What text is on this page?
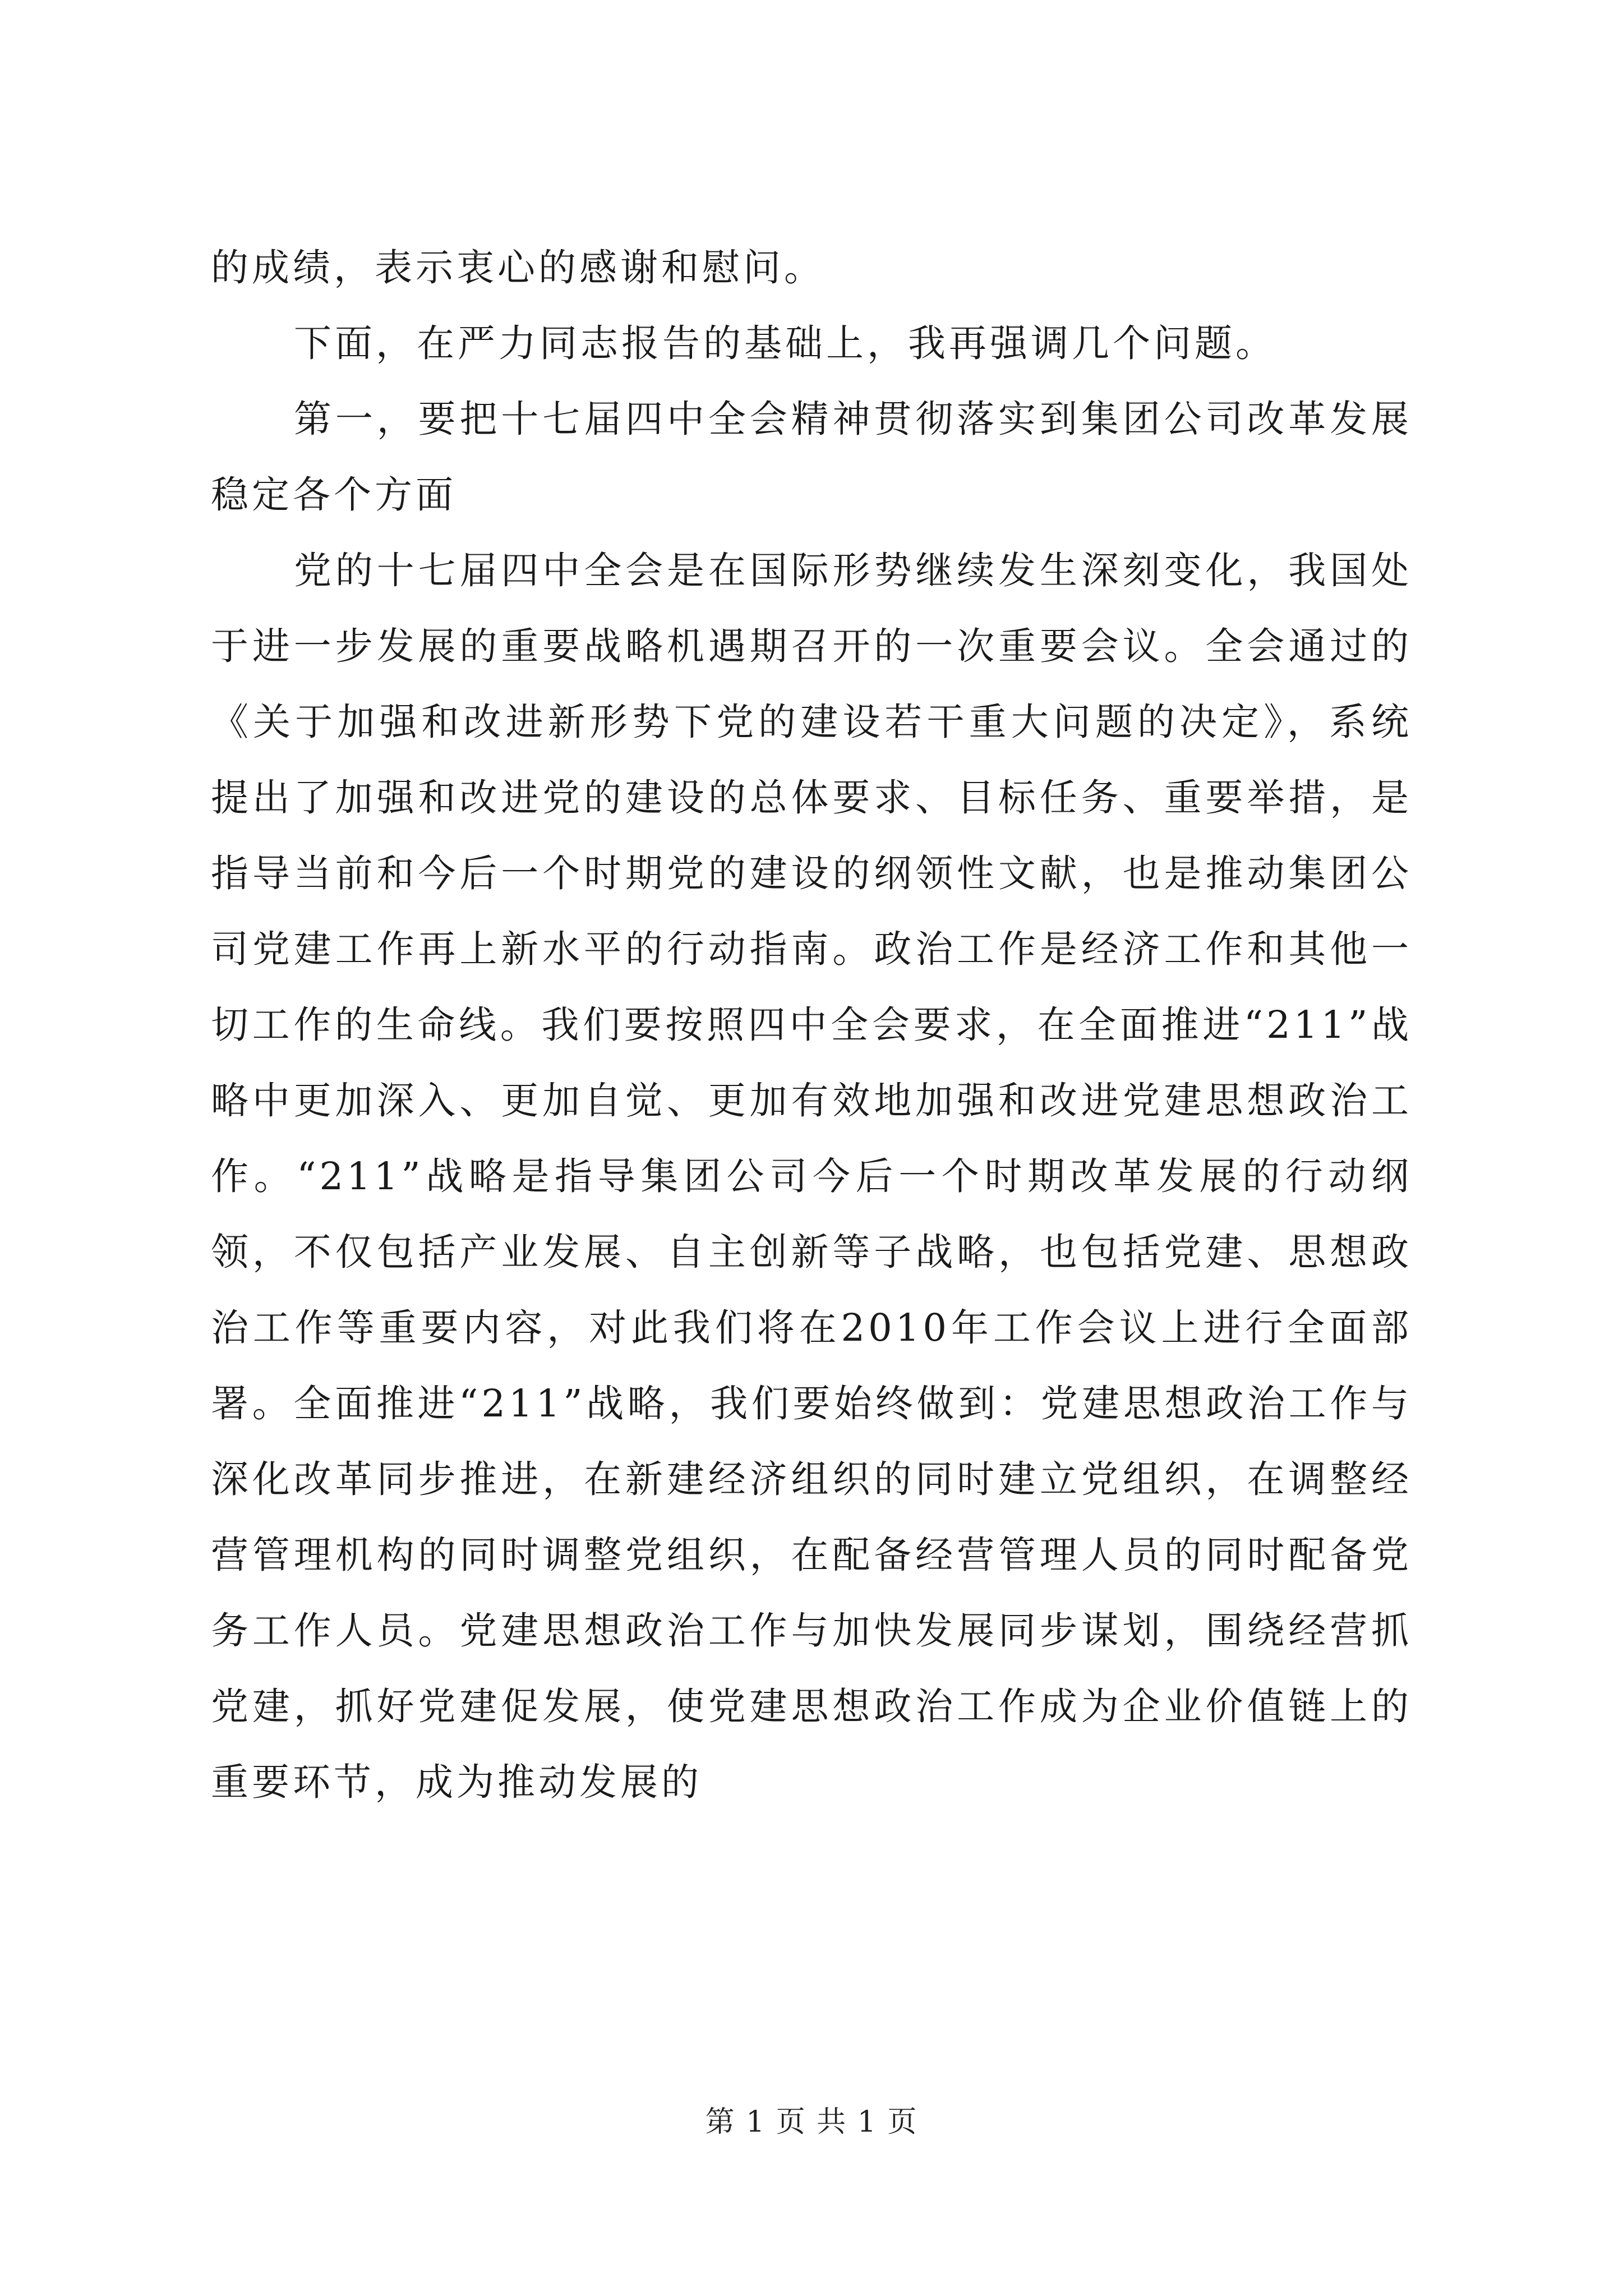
的成绩，表示衷心的感谢和慰问。

下面，在严力同志报告的基础上，我再强调几个问题。

第一，要把十七届四中全会精神贯彻落实到集团公司改革发展稳定各个方面

党的十七届四中全会是在国际形势继续发生深刻变化，我国处于进一步发展的重要战略机遇期召开的一次重要会议。全会通过的《关于加强和改进新形势下党的建设若干重大问题的决定》，系统提出了加强和改进党的建设的总体要求、目标任务、重要举措，是指导当前和今后一个时期党的建设的纲领性文献，也是推动集团公司党建工作再上新水平的行动指南。政治工作是经济工作和其他一切工作的生命线。我们要按照四中全会要求，在全面推进“211”战略中更加深入、更加自觉、更加有效地加强和改进党建思想政治工作。“211”战略是指导集团公司今后一个时期改革发展的行动纲领，不仅包括产业发展、自主创新等子战略，也包括党建、思想政治工作等重要内容，对此我们将在2010年工作会议上进行全面部署。全面推进“211”战略，我们要始终做到：党建思想政治工作与深化改革同步推进，在新建经济组织的同时建立党组织，在调整经营管理机构的同时调整党组织，在配备经营管理人员的同时配备党务工作人员。党建思想政治工作与加快发展同步谋划，围绕经营抓党建，抓好党建促发展，使党建思想政治工作成为企业价值链上的重要环节，成为推动发展的

第 1 页 共 1 页
